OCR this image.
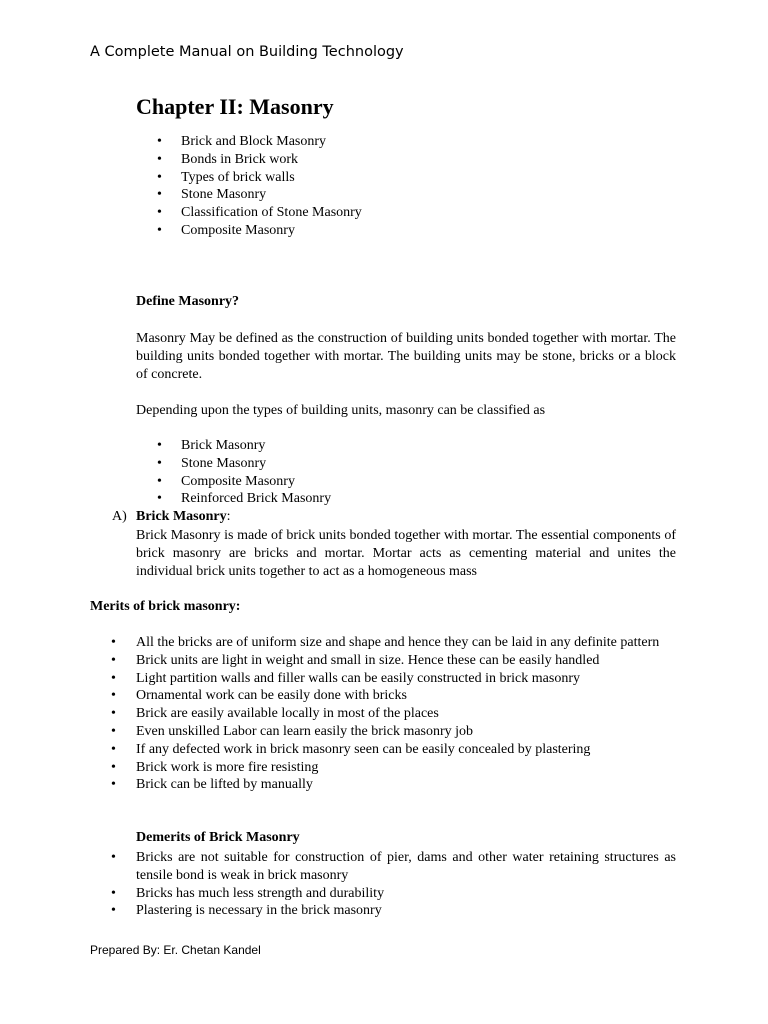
A Complete Manual on Building Technology
Chapter II: Masonry
• Brick and Block Masonry
• Bonds in Brick work
• Types of brick walls
• Stone Masonry
• Classification of Stone Masonry
• Composite Masonry
Define Masonry?

Masonry May be defined as the construction of building units bonded together with mortar. The building units bonded together with mortar. The building units may be stone, bricks or a block of concrete.

Depending upon the types of building units, masonry can be classified as

• Brick Masonry
• Stone Masonry
• Composite Masonry
• Reinforced Brick Masonry
A) Brick Masonry:

Brick Masonry is made of brick units bonded together with mortar. The essential components of brick masonry are bricks and mortar. Mortar acts as cementing material and unites the individual brick units together to act as a homogeneous mass

Merits of brick masonry:
• All the bricks are of uniform size and shape and hence they can be laid in any definite pattern
• Brick units are light in weight and small in size. Hence these can be easily handled
• Light partition walls and filler walls can be easily constructed in brick masonry
• Ornamental work can be easily done with bricks
• Brick are easily available locally in most of the places
• Even unskilled Labor can learn easily the brick masonry job
• If any defected work in brick masonry seen can be easily concealed by plastering
• Brick work is more fire resisting
• Brick can be lifted by manually
Demerits of Brick Masonry
• Bricks are not suitable for construction of pier, dams and other water retaining structures as tensile bond is weak in brick masonry
• Bricks has much less strength and durability
• Plastering is necessary in the brick masonry
Prepared By: Er. Chetan Kandel
